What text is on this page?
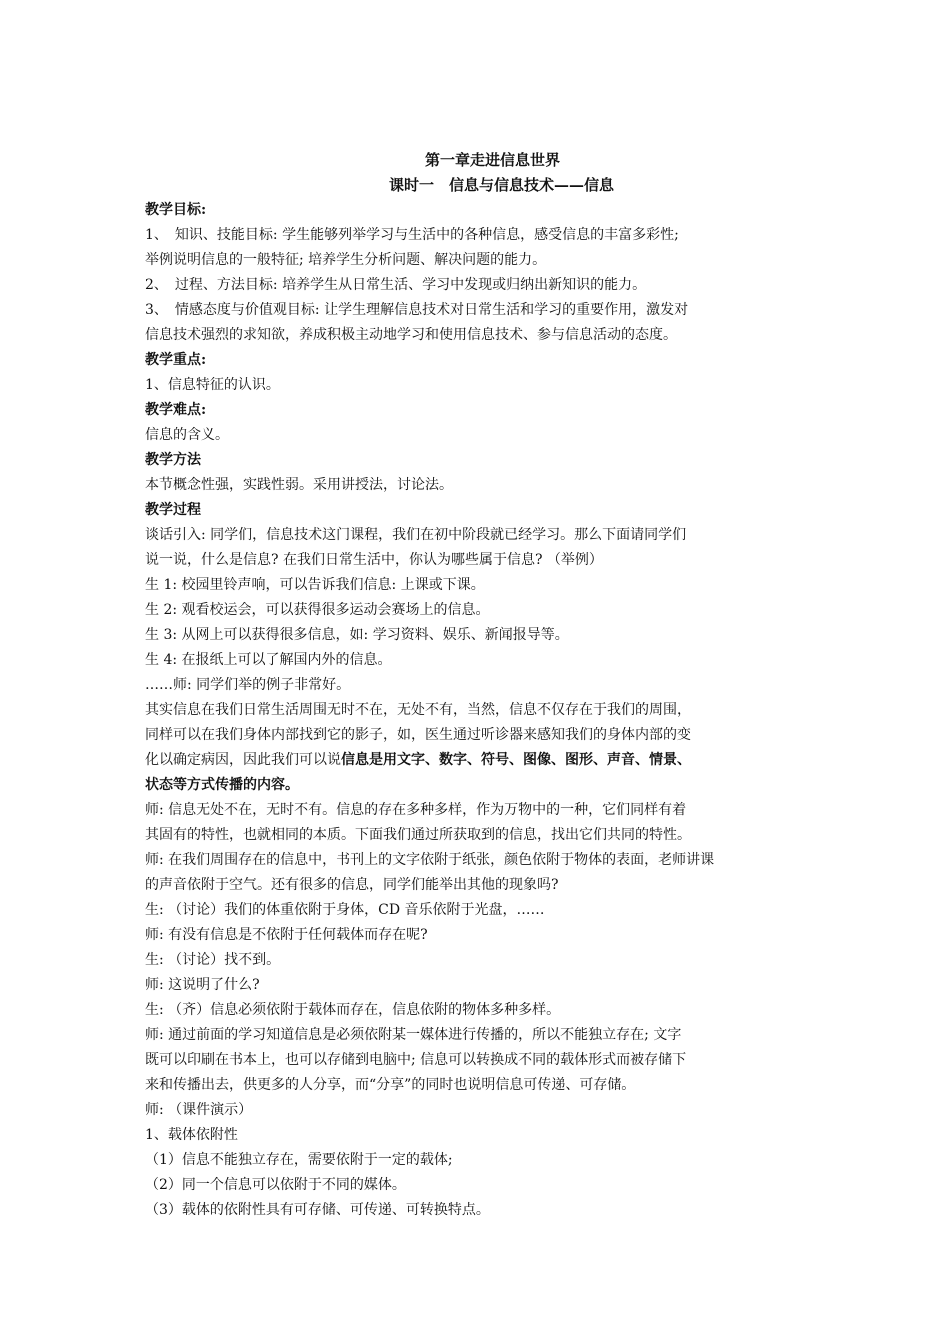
第一章走进信息世界

课时一　信息与信息技术——信息

教学目标:

1、　知识、技能目标: 学生能够列举学习与生活中的各种信息，感受信息的丰富多彩性;

举例说明信息的一般特征; 培养学生分析问题、解决问题的能力。

2、　过程、方法目标: 培养学生从日常生活、学习中发现或归纳出新知识的能力。

3、　情感态度与价值观目标: 让学生理解信息技术对日常生活和学习的重要作用，激发对

信息技术强烈的求知欲，养成积极主动地学习和使用信息技术、参与信息活动的态度。

教学重点:

1、信息特征的认识。

教学难点:

信息的含义。

教学方法

本节概念性强，实践性弱。采用讲授法，讨论法。

教学过程

谈话引入: 同学们，信息技术这门课程，我们在初中阶段就已经学习。那么下面请同学们

说一说，什么是信息? 在我们日常生活中，你认为哪些属于信息? （举例）

生 1: 校园里铃声响，可以告诉我们信息: 上课或下课。

生 2: 观看校运会，可以获得很多运动会赛场上的信息。

生 3: 从网上可以获得很多信息，如: 学习资料、娱乐、新闻报导等。

生 4: 在报纸上可以了解国内外的信息。

……师: 同学们举的例子非常好。

其实信息在我们日常生活周围无时不在，无处不有，当然，信息不仅存在于我们的周围，

同样可以在我们身体内部找到它的影子，如，医生通过听诊器来感知我们的身体内部的变

化以确定病因，因此我们可以说信息是用文字、数字、符号、图像、图形、声音、情景、

状态等方式传播的内容。

师: 信息无处不在，无时不有。信息的存在多种多样，作为万物中的一种，它们同样有着

其固有的特性，也就相同的本质。下面我们通过所获取到的信息，找出它们共同的特性。

师: 在我们周围存在的信息中，书刊上的文字依附于纸张，颜色依附于物体的表面，老师讲课

的声音依附于空气。还有很多的信息，同学们能举出其他的现象吗?

生: （讨论）我们的体重依附于身体，CD 音乐依附于光盘，……

师: 有没有信息是不依附于任何载体而存在呢?

生: （讨论）找不到。

师: 这说明了什么?

生: （齐）信息必须依附于载体而存在，信息依附的物体多种多样。

师: 通过前面的学习知道信息是必须依附某一媒体进行传播的，所以不能独立存在; 文字

既可以印刷在书本上，也可以存储到电脑中; 信息可以转换成不同的载体形式而被存储下

来和传播出去，供更多的人分享，而“分享”的同时也说明信息可传递、可存储。

师: （课件演示）

1、载体依附性

（1）信息不能独立存在，需要依附于一定的载体;

（2）同一个信息可以依附于不同的媒体。

（3）载体的依附性具有可存储、可传递、可转换特点。
